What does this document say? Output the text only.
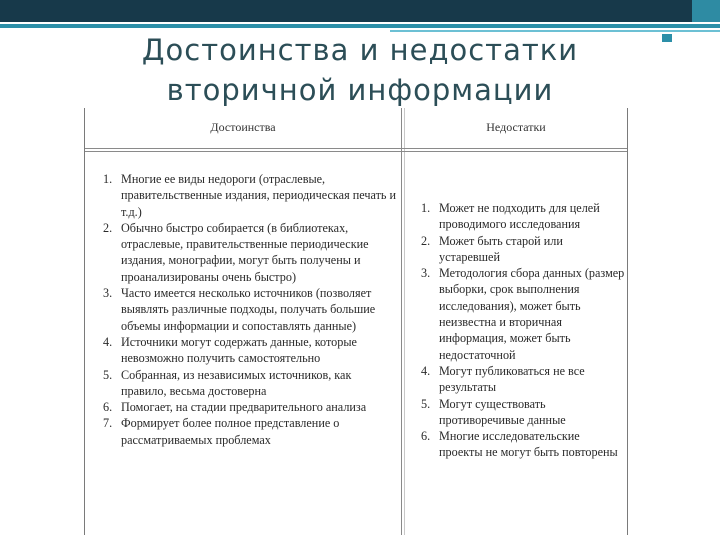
Достоинства и недостатки
вторичной информации
Достоинства	Недостатки
1. Многие ее виды недороги (отраслевые, правительственные издания, периодическая печать и т.д.)
2. Обычно быстро собирается (в библиотеках, отраслевые, правительственные периодические издания, монографии, могут быть получены и проанализированы очень быстро)
3. Часто имеется несколько источников (позволяет выявлять различные подходы, получать большие объемы информации и сопоставлять данные)
4. Источники могут содержать данные, которые невозможно получить самостоятельно
5. Собранная, из независимых источников, как правило, весьма достоверна
6. Помогает, на стадии предварительного анализа
7. Формирует более полное представление о рассматриваемых проблемах
1. Может не подходить для целей проводимого исследования
2. Может быть старой или устаревшей
3. Методология сбора данных (размер выборки, срок выполнения исследования), может быть неизвестна и вторичная информация, может быть недостаточной
4. Могут публиковаться не все результаты
5. Могут существовать противоречивые данные
6. Многие исследовательские проекты не могут быть повторены
